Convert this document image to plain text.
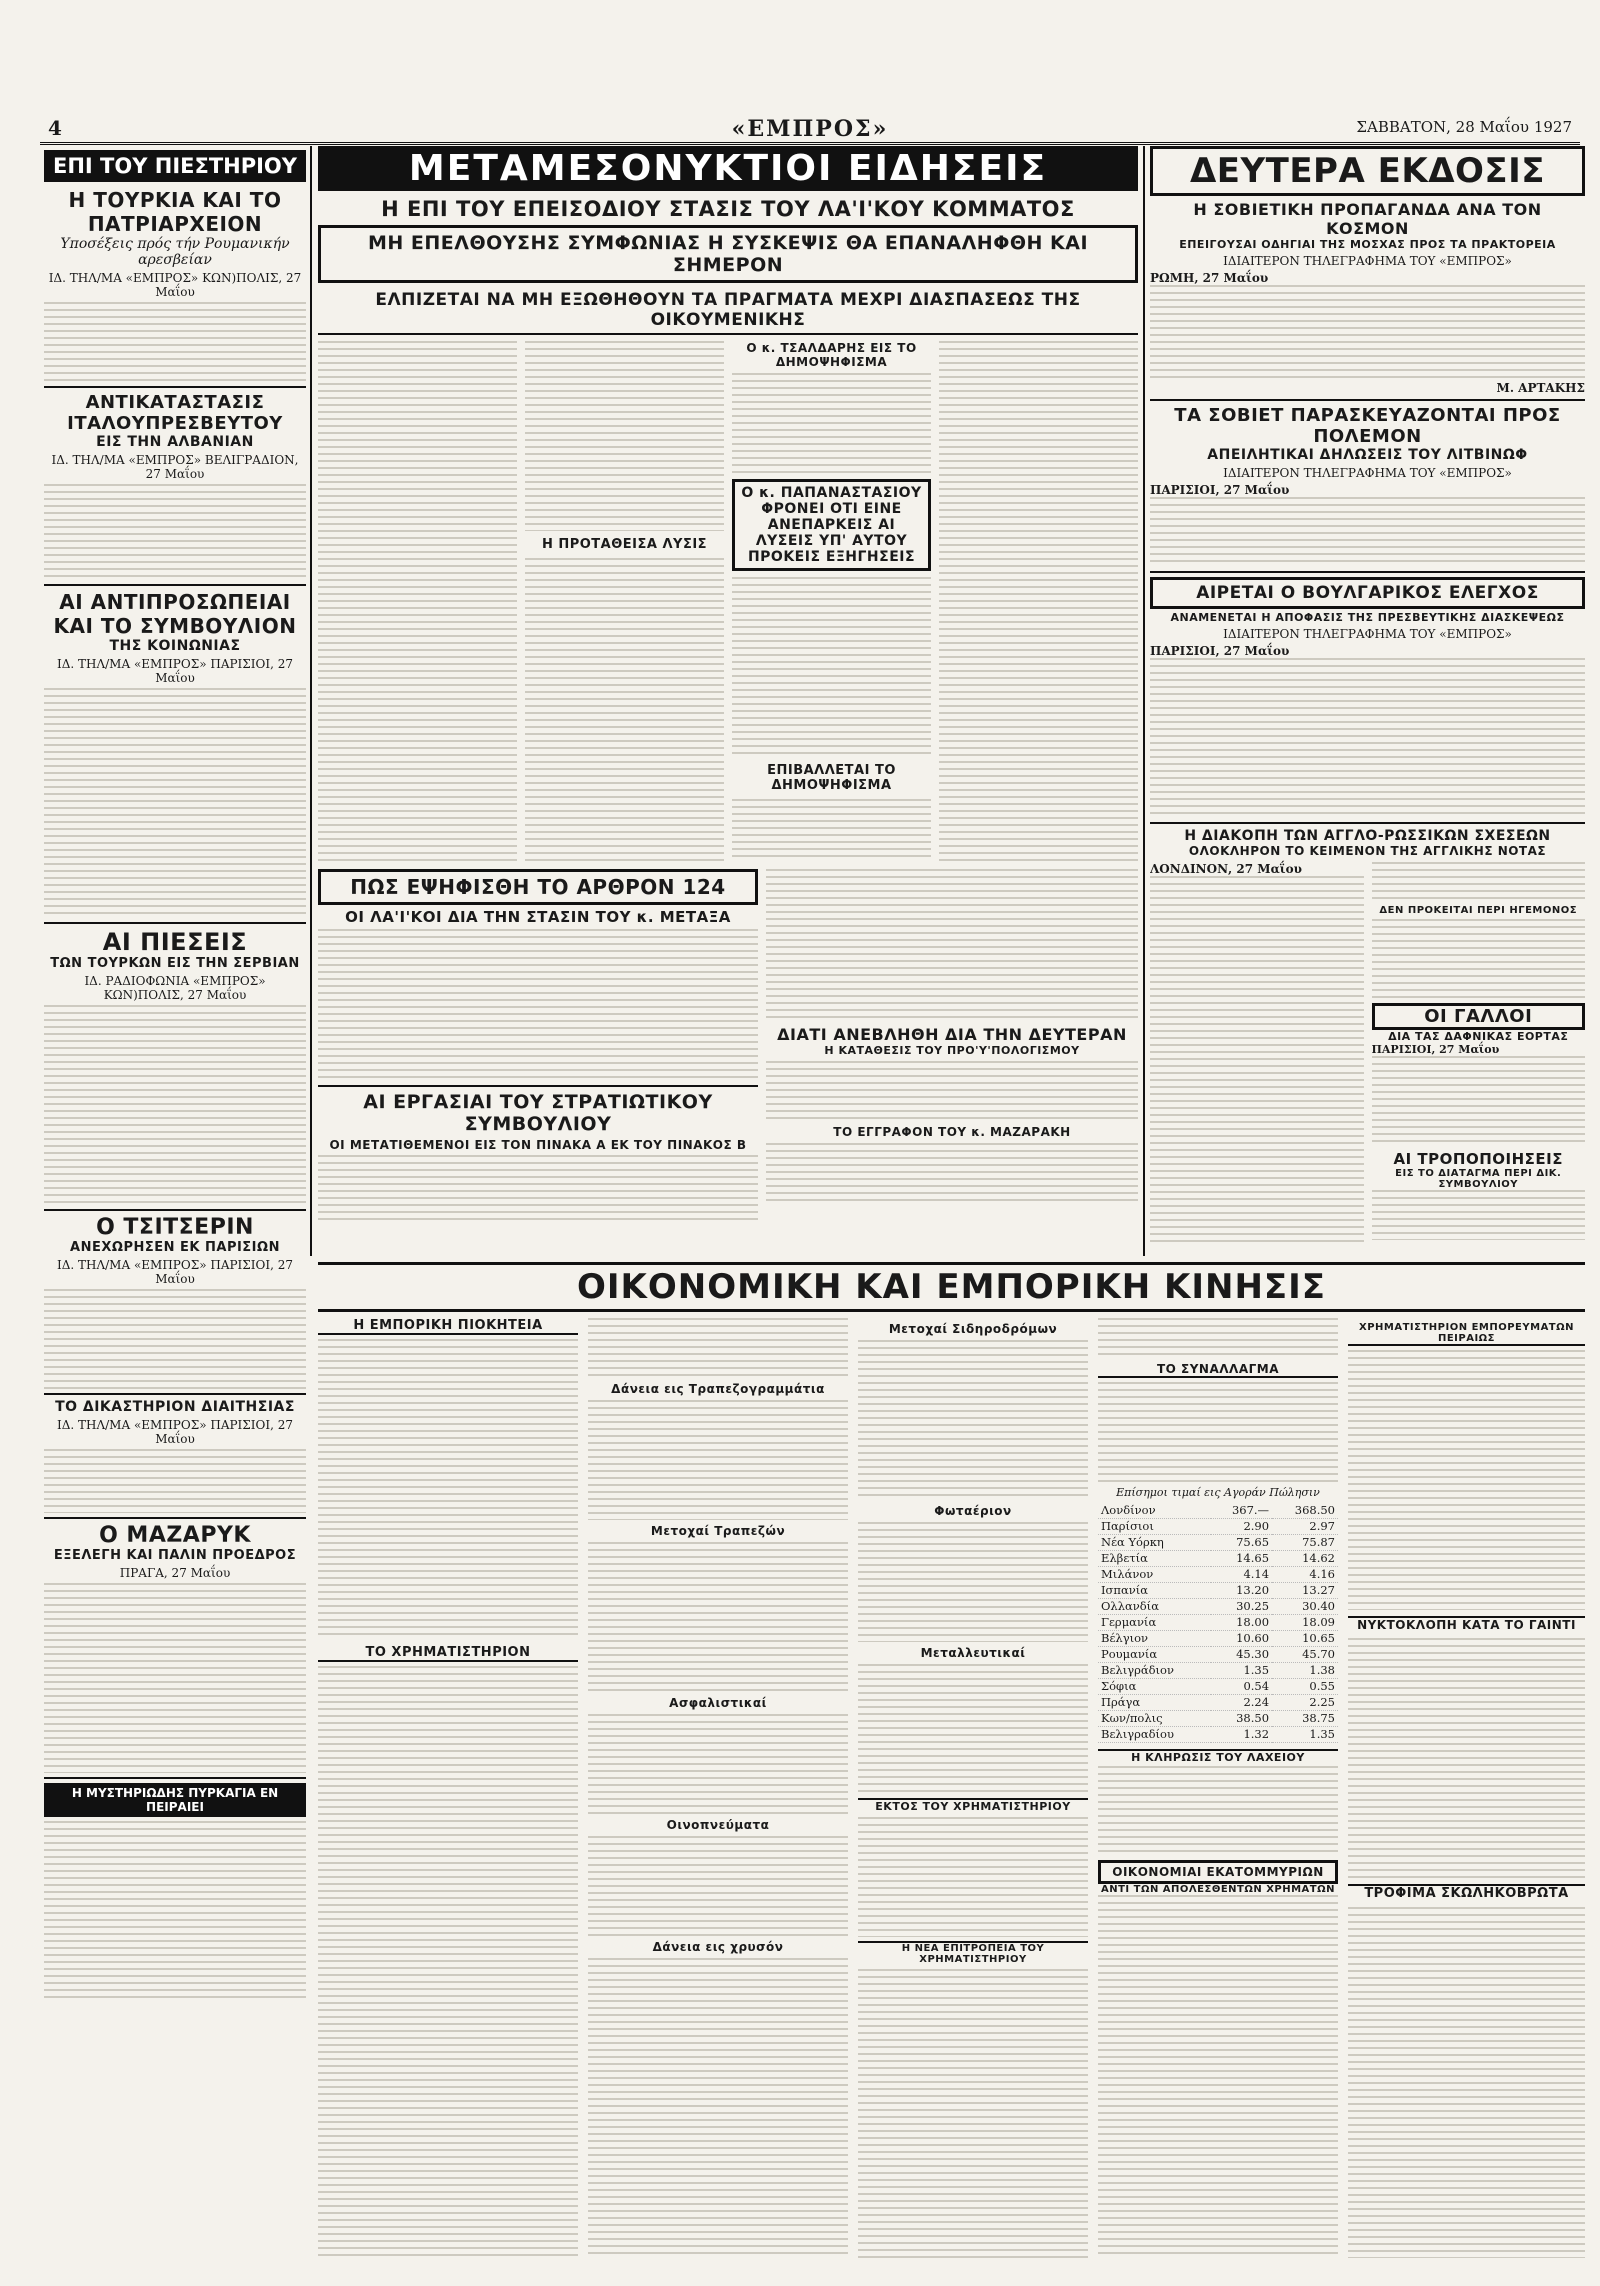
4	«ΕΜΠΡΟΣ»	ΣΑΒΒΑΤΟΝ, 28 Μαΐου 1927
ΕΠΙ ΤΟΥ ΠΙΕΣΤΗΡΙΟΥ
Η ΤΟΥΡΚΙΑ ΚΑΙ ΤΟ ΠΑΤΡΙΑΡΧΕΙΟΝ
Υποσέξεις πρός τήν Ρουμανικήν αρεσβείαν
ΙΔ. ΤΗΛ/ΜΑ «ΕΜΠΡΟΣ» ΚΩΝ)ΠΟΛΙΣ, 27 Μαΐου
ΑΝΤΙΚΑΤΑΣΤΑΣΙΣ ΙΤΑΛΟΥΠΡΕΣΒΕΥΤΟΥ
ΕΙΣ ΤΗΝ ΑΛΒΑΝΙΑΝ
ΙΔ. ΤΗΛ/ΜΑ «ΕΜΠΡΟΣ» ΒΕΛΙΓΡΑΔΙΟΝ, 27 Μαΐου
ΑΙ ΑΝΤΙΠΡΟΣΩΠΕΙΑΙ ΚΑΙ ΤΟ ΣΥΜΒΟΥΛΙΟΝ
ΤΗΣ ΚΟΙΝΩΝΙΑΣ
ΙΔ. ΤΗΛ/ΜΑ «ΕΜΠΡΟΣ» ΠΑΡΙΣΙΟΙ, 27 Μαΐου
ΑΙ ΠΙΕΣΕΙΣ
ΤΩΝ ΤΟΥΡΚΩΝ ΕΙΣ ΤΗΝ ΣΕΡΒΙΑΝ
ΙΔ. ΡΑΔΙΟΦΩΝΙΑ «ΕΜΠΡΟΣ» ΚΩΝ)ΠΟΛΙΣ, 27 Μαΐου
Ο ΤΣΙΤΣΕΡΙΝ
ΑΝΕΧΩΡΗΣΕΝ ΕΚ ΠΑΡΙΣΙΩΝ
ΙΔ. ΤΗΛ/ΜΑ «ΕΜΠΡΟΣ» ΠΑΡΙΣΙΟΙ, 27 Μαΐου
ΤΟ ΔΙΚΑΣΤΗΡΙΟΝ ΔΙΑΙΤΗΣΙΑΣ
ΙΔ. ΤΗΛ/ΜΑ «ΕΜΠΡΟΣ» ΠΑΡΙΣΙΟΙ, 27 Μαΐου
Ο ΜΑΖΑΡΥΚ
ΕΞΕΛΕΓΗ ΚΑΙ ΠΑΛΙΝ ΠΡΟΕΔΡΟΣ
ΠΡΑΓΑ, 27 Μαΐου
Η ΜΥΣΤΗΡΙΩΔΗΣ ΠΥΡΚΑΓΙΑ ΕΝ ΠΕΙΡΑΙΕΙ
ΜΕΤΑΜΕΣΟΝΥΚΤΙΟΙ ΕΙΔΗΣΕΙΣ
Η ΕΠΙ ΤΟΥ ΕΠΕΙΣΟΔΙΟΥ ΣΤΑΣΙΣ ΤΟΥ ΛΑ'Ι'ΚΟΥ ΚΟΜΜΑΤΟΣ
ΜΗ ΕΠΕΛΘΟΥΣΗΣ ΣΥΜΦΩΝΙΑΣ Η ΣΥΣΚΕΨΙΣ ΘΑ ΕΠΑΝΑΛΗΦΘΗ ΚΑΙ ΣΗΜΕΡΟΝ
ΕΛΠΙΖΕΤΑΙ ΝΑ ΜΗ ΕΞΩΘΗΘΟΥΝ ΤΑ ΠΡΑΓΜΑΤΑ ΜΕΧΡΙ ΔΙΑΣΠΑΣΕΩΣ ΤΗΣ ΟΙΚΟΥΜΕΝΙΚΗΣ
Η ΠΡΟΤΑΘΕΙΣΑ ΛΥΣΙΣ
Ο κ. ΤΣΑΛΔΑΡΗΣ ΕΙΣ ΤΟ ΔΗΜΟΨΗΦΙΣΜΑ
Ο κ. ΠΑΠΑΝΑΣΤΑΣΙΟΥ ΦΡΟΝΕΙ ΟΤΙ ΕΙΝΕ ΑΝΕΠΑΡΚΕΙΣ ΑΙ ΛΥΣΕΙΣ ΥΠ' ΑΥΤΟΥ ΠΡΟΚΕΙΣ ΕΞΗΓΗΣΕΙΣ
ΕΠΙΒΑΛΛΕΤΑΙ ΤΟ ΔΗΜΟΨΗΦΙΣΜΑ
ΠΩΣ ΕΨΗΦΙΣΘΗ ΤΟ ΑΡΘΡΟΝ 124
ΟΙ ΛΑ'Ι'ΚΟΙ ΔΙΑ ΤΗΝ ΣΤΑΣΙΝ ΤΟΥ κ. ΜΕΤΑΞΑ
ΑΙ ΕΡΓΑΣΙΑΙ ΤΟΥ ΣΤΡΑΤΙΩΤΙΚΟΥ ΣΥΜΒΟΥΛΙΟΥ
ΟΙ ΜΕΤΑΤΙΘΕΜΕΝΟΙ ΕΙΣ ΤΟΝ ΠΙΝΑΚΑ Α ΕΚ ΤΟΥ ΠΙΝΑΚΟΣ Β
ΔΙΑΤΙ ΑΝΕΒΛΗΘΗ ΔΙΑ ΤΗΝ ΔΕΥΤΕΡΑΝ
Η ΚΑΤΑΘΕΣΙΣ ΤΟΥ ΠΡΟ'Υ'ΠΟΛΟΓΙΣΜΟΥ
ΤΟ ΕΓΓΡΑΦΟΝ ΤΟΥ κ. ΜΑΖΑΡΑΚΗ
ΔΕΥΤΕΡΑ ΕΚΔΟΣΙΣ
Η ΣΟΒΙΕΤΙΚΗ ΠΡΟΠΑΓΑΝΔΑ ΑΝΑ ΤΟΝ ΚΟΣΜΟΝ
ΕΠΕΙΓΟΥΣΑΙ ΟΔΗΓΙΑΙ ΤΗΣ ΜΟΣΧΑΣ ΠΡΟΣ ΤΑ ΠΡΑΚΤΟΡΕΙΑ
ΙΔΙΑΙΤΕΡΟΝ ΤΗΛΕΓΡΑΦΗΜΑ ΤΟΥ «ΕΜΠΡΟΣ»
ΡΩΜΗ, 27 Μαΐου
Μ. ΑΡΤΑΚΗΣ
ΤΑ ΣΟΒΙΕΤ ΠΑΡΑΣΚΕΥΑΖΟΝΤΑΙ ΠΡΟΣ ΠΟΛΕΜΟΝ
ΑΠΕΙΛΗΤΙΚΑΙ ΔΗΛΩΣΕΙΣ ΤΟΥ ΛΙΤΒΙΝΩΦ
ΙΔΙΑΙΤΕΡΟΝ ΤΗΛΕΓΡΑΦΗΜΑ ΤΟΥ «ΕΜΠΡΟΣ»
ΠΑΡΙΣΙΟΙ, 27 Μαΐου
ΑΙΡΕΤΑΙ Ο ΒΟΥΛΓΑΡΙΚΟΣ ΕΛΕΓΧΟΣ
ΑΝΑΜΕΝΕΤΑΙ Η ΑΠΟΦΑΣΙΣ ΤΗΣ ΠΡΕΣΒΕΥΤΙΚΗΣ ΔΙΑΣΚΕΨΕΩΣ
ΙΔΙΑΙΤΕΡΟΝ ΤΗΛΕΓΡΑΦΗΜΑ ΤΟΥ «ΕΜΠΡΟΣ»
ΠΑΡΙΣΙΟΙ, 27 Μαΐου
Η ΔΙΑΚΟΠΗ ΤΩΝ ΑΓΓΛΟ-ΡΩΣΣΙΚΩΝ ΣΧΕΣΕΩΝ
ΟΛΟΚΛΗΡΟΝ ΤΟ ΚΕΙΜΕΝΟΝ ΤΗΣ ΑΓΓΛΙΚΗΣ ΝΟΤΑΣ
ΛΟΝΔΙΝΟΝ, 27 Μαΐου
ΔΕΝ ΠΡΟΚΕΙΤΑΙ ΠΕΡΙ ΗΓΕΜΟΝΟΣ
ΟΙ ΓΑΛΛΟΙ
ΔΙΑ ΤΑΣ ΔΑΦΝΙΚΑΣ ΕΟΡΤΑΣ
ΠΑΡΙΣΙΟΙ, 27 Μαΐου
ΑΙ ΤΡΟΠΟΠΟΙΗΣΕΙΣ
ΕΙΣ ΤΟ ΔΙΑΤΑΓΜΑ ΠΕΡΙ ΔΙΚ. ΣΥΜΒΟΥΛΙΟΥ
ΟΙΚΟΝΟΜΙΚΗ ΚΑΙ ΕΜΠΟΡΙΚΗ ΚΙΝΗΣΙΣ
Η ΕΜΠΟΡΙΚΗ ΠΙΟΚΗΤΕΙΑ
ΤΟ ΧΡΗΜΑΤΙΣΤΗΡΙΟΝ
Δάνεια εις Τραπεζογραμμάτια
Μετοχαί Τραπεζών
Ασφαλιστικαί
Οινοπνεύματα
Δάνεια εις χρυσόν
Μετοχαί Σιδηροδρόμων
Φωταέριον
Μεταλλευτικαί
ΕΚΤΟΣ ΤΟΥ ΧΡΗΜΑΤΙΣΤΗΡΙΟΥ
Η ΝΕΑ ΕΠΙΤΡΟΠΕΙΑ ΤΟΥ ΧΡΗΜΑΤΙΣΤΗΡΙΟΥ
ΤΟ ΣΥΝΑΛΛΑΓΜΑ
Επίσημοι τιμαί εις Αγοράν Πώλησιν
Λονδίνον	367.—	368.50
Παρίσιοι	2.90	2.97
Νέα Υόρκη	75.65	75.87
Ελβετία	14.65	14.62
Μιλάνον	4.14	4.16
Ισπανία	13.20	13.27
Ολλανδία	30.25	30.40
Γερμανία	18.00	18.09
Βέλγιον	10.60	10.65
Ρουμανία	45.30	45.70
Βελιγράδιον	1.35	1.38
Σόφια	0.54	0.55
Πράγα	2.24	2.25
Κων/πολις	38.50	38.75
Βελιγραδίου	1.32	1.35
Η ΚΛΗΡΩΣΙΣ ΤΟΥ ΛΑΧΕΙΟΥ
ΟΙΚΟΝΟΜΙΑΙ ΕΚΑΤΟΜΜΥΡΙΩΝ
ΑΝΤΙ ΤΩΝ ΑΠΟΛΕΣΘΕΝΤΩΝ ΧΡΗΜΑΤΩΝ
ΧΡΗΜΑΤΙΣΤΗΡΙΟΝ ΕΜΠΟΡΕΥΜΑΤΩΝ ΠΕΙΡΑΙΩΣ
ΝΥΚΤΟΚΛΟΠΗ ΚΑΤΑ ΤΟ ΓΑΙΝΤΙ
ΤΡΟΦΙΜΑ ΣΚΩΛΗΚΟΒΡΩΤΑ
